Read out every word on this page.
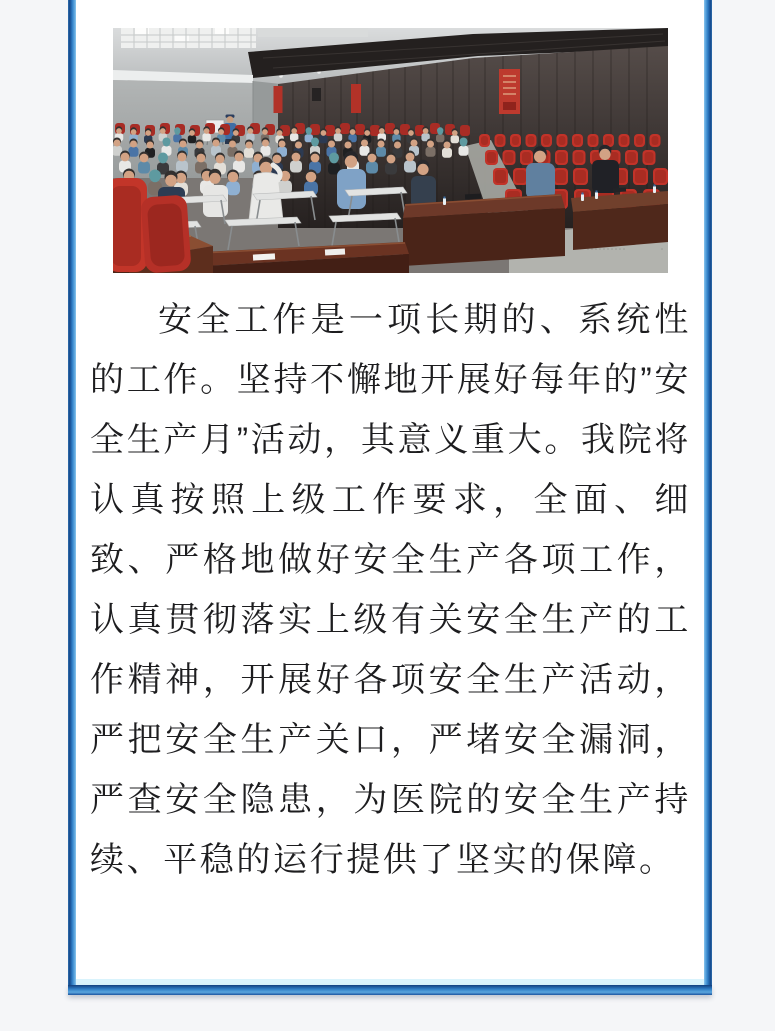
安全工作是一项长期的、系统性的工作。坚持不懈地开展好每年的”安全生产月”活动，其意义重大。我院将认真按照上级工作要求，全面、细致、严格地做好安全生产各项工作，认真贯彻落实上级有关安全生产的工作精神，开展好各项安全生产活动，严把安全生产关口，严堵安全漏洞，严查安全隐患，为医院的安全生产持续、平稳的运行提供了坚实的保障。
